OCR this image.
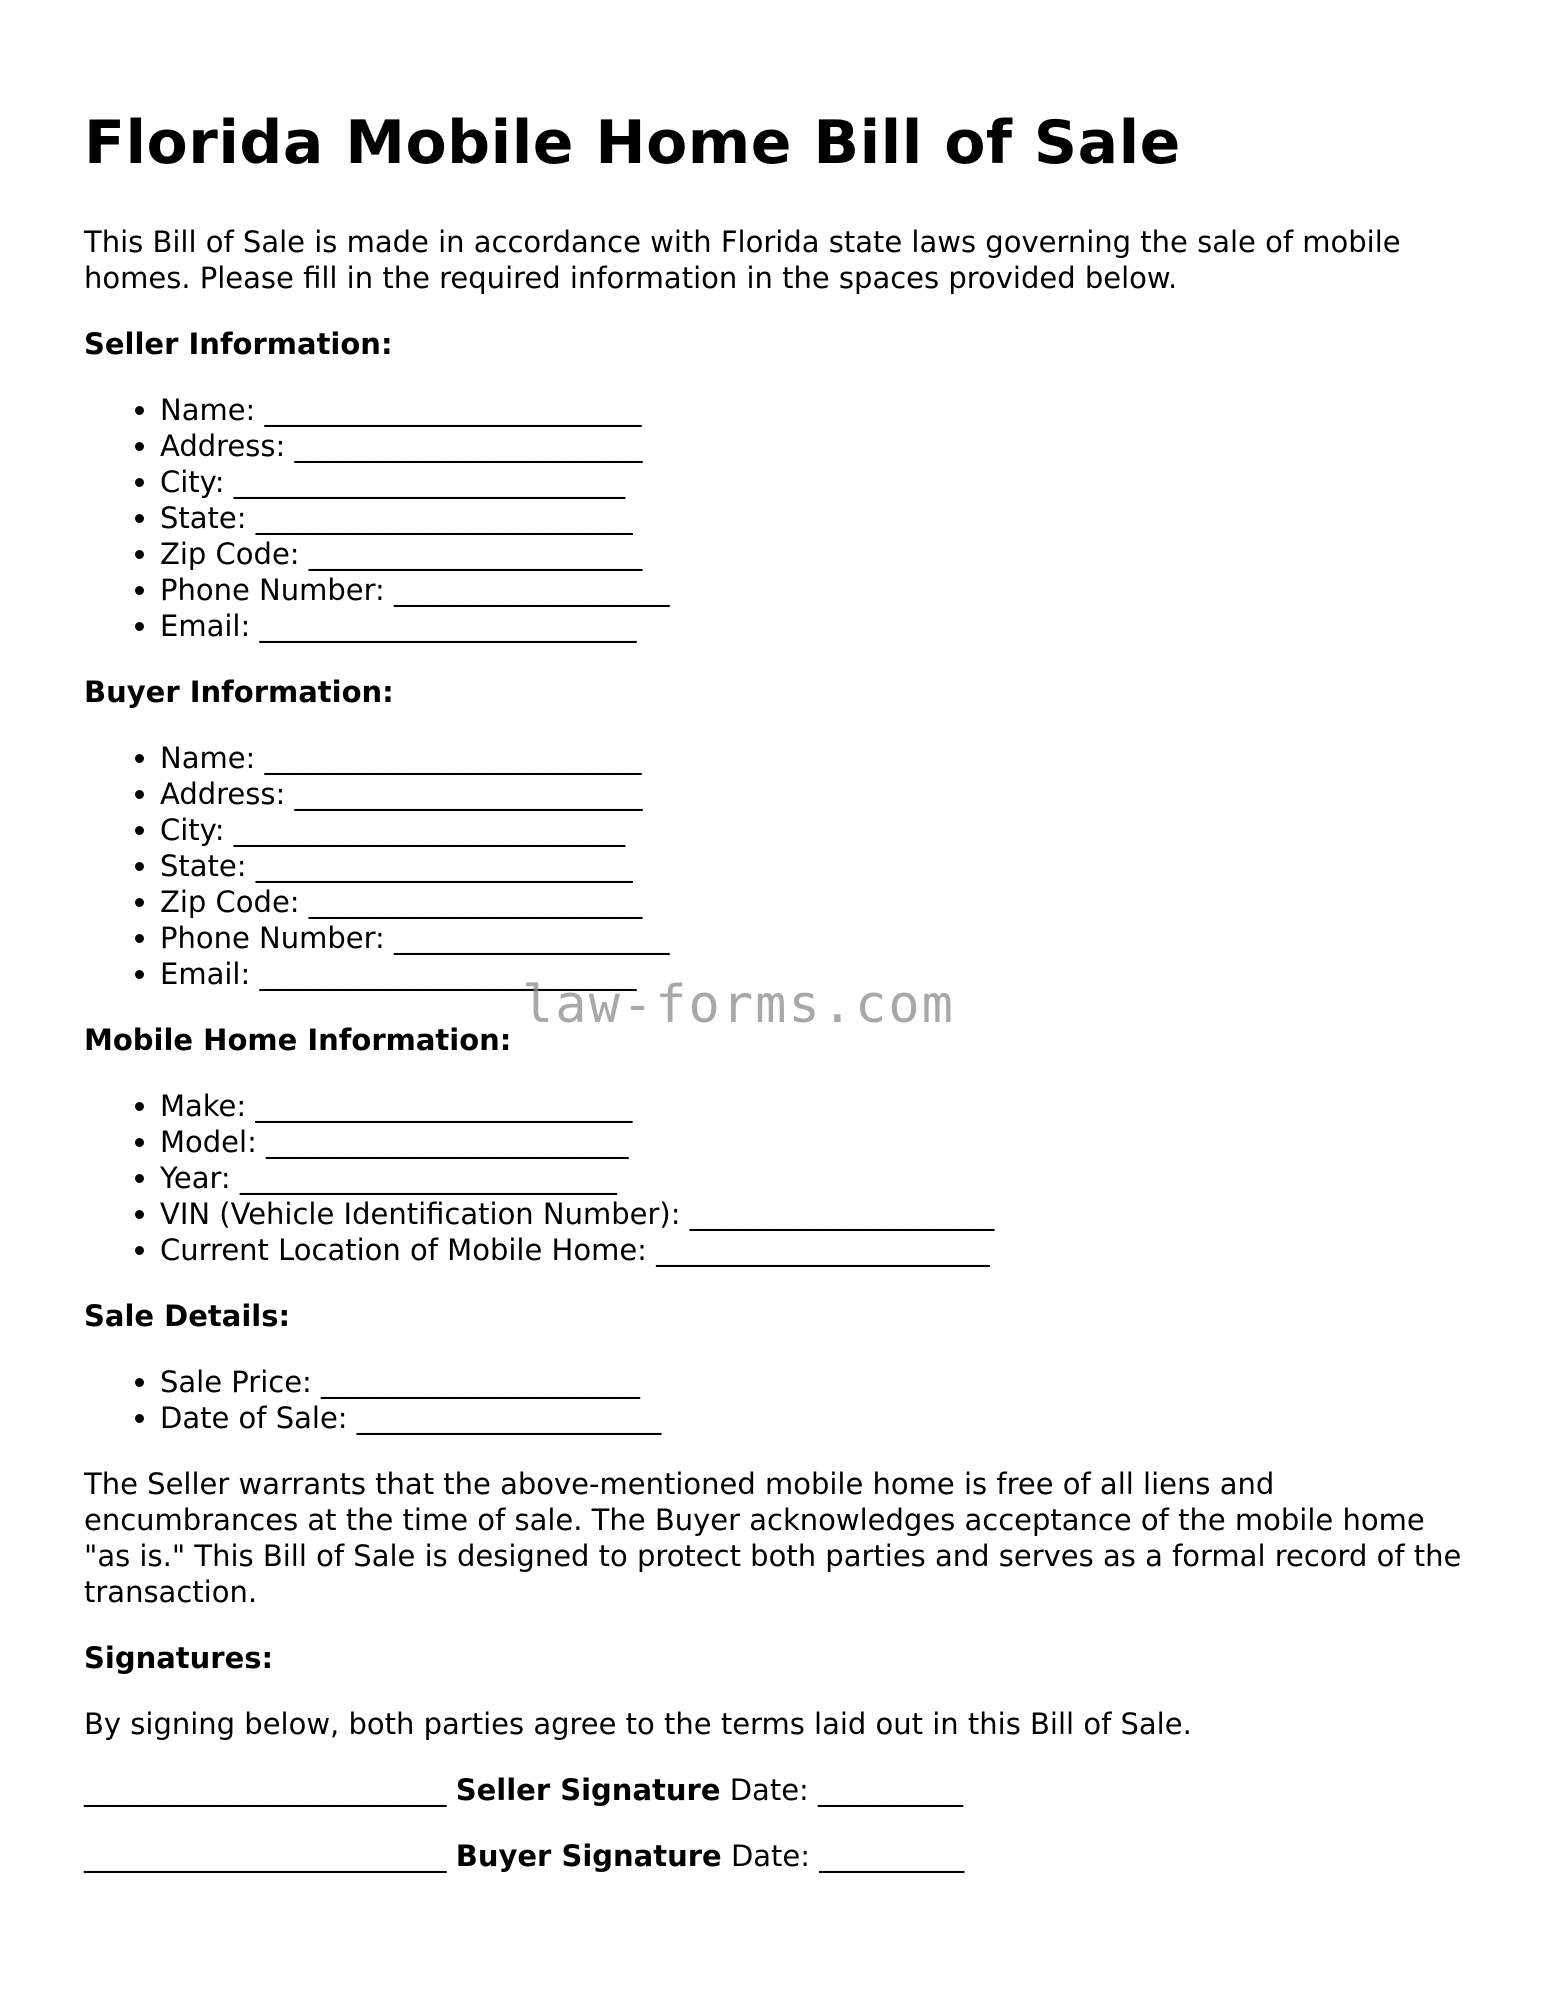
Florida Mobile Home Bill of Sale

This Bill of Sale is made in accordance with Florida state laws governing the sale of mobile homes. Please fill in the required information in the spaces provided below.

Seller Information:
• Name: __________________________
• Address: ________________________
• City: ___________________________
• State: __________________________
• Zip Code: _______________________
• Phone Number: ___________________
• Email: __________________________
Buyer Information:
• Name: __________________________
• Address: ________________________
• City: ___________________________
• State: __________________________
• Zip Code: _______________________
• Phone Number: ___________________
• Email: __________________________
Mobile Home Information:
• Make: __________________________
• Model: _________________________
• Year: __________________________
• VIN (Vehicle Identification Number): _____________________
• Current Location of Mobile Home: _______________________
Sale Details:
• Sale Price: ______________________
• Date of Sale: _____________________

The Seller warrants that the above-mentioned mobile home is free of all liens and encumbrances at the time of sale. The Buyer acknowledges acceptance of the mobile home "as is." This Bill of Sale is designed to protect both parties and serves as a formal record of the transaction.

Signatures:

By signing below, both parties agree to the terms laid out in this Bill of Sale.

_________________________ Seller Signature Date: __________
_________________________ Buyer Signature Date: __________
law-forms.com
